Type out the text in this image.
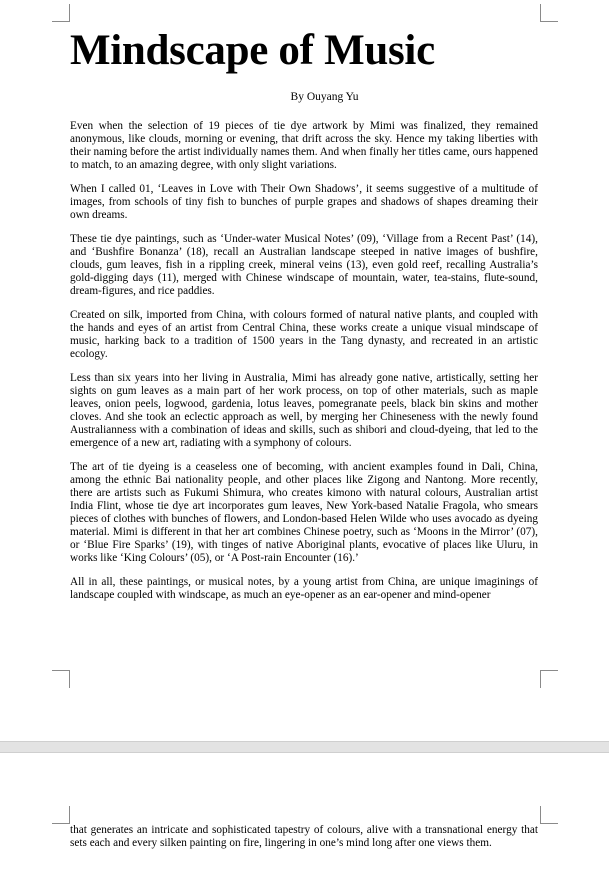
Mindscape of Music

By Ouyang Yu

Even when the selection of 19 pieces of tie dye artwork by Mimi was finalized, they remained anonymous, like clouds, morning or evening, that drift across the sky. Hence my taking liberties with their naming before the artist individually names them. And when finally her titles came, ours happened to match, to an amazing degree, with only slight variations.

When I called 01, ‘Leaves in Love with Their Own Shadows’, it seems suggestive of a multitude of images, from schools of tiny fish to bunches of purple grapes and shadows of shapes dreaming their own dreams.

These tie dye paintings, such as ‘Under-water Musical Notes’ (09), ‘Village from a Recent Past’ (14), and ‘Bushfire Bonanza’ (18), recall an Australian landscape steeped in native images of bushfire, clouds, gum leaves, fish in a rippling creek, mineral veins (13), even gold reef, recalling Australia’s gold-digging days (11), merged with Chinese windscape of mountain, water, tea-stains, flute-sound, dream-figures, and rice paddies.

Created on silk, imported from China, with colours formed of natural native plants, and coupled with the hands and eyes of an artist from Central China, these works create a unique visual mindscape of music, harking back to a tradition of 1500 years in the Tang dynasty, and recreated in an artistic ecology.

Less than six years into her living in Australia, Mimi has already gone native, artistically, setting her sights on gum leaves as a main part of her work process, on top of other materials, such as maple leaves, onion peels, logwood, gardenia, lotus leaves, pomegranate peels, black bin skins and mother cloves. And she took an eclectic approach as well, by merging her Chineseness with the newly found Australianness with a combination of ideas and skills, such as shibori and cloud-dyeing, that led to the emergence of a new art, radiating with a symphony of colours.

The art of tie dyeing is a ceaseless one of becoming, with ancient examples found in Dali, China, among the ethnic Bai nationality people, and other places like Zigong and Nantong. More recently, there are artists such as Fukumi Shimura, who creates kimono with natural colours, Australian artist India Flint, whose tie dye art incorporates gum leaves, New York-based Natalie Fragola, who smears pieces of clothes with bunches of flowers, and London-based Helen Wilde who uses avocado as dyeing material. Mimi is different in that her art combines Chinese poetry, such as ‘Moons in the Mirror’ (07), or ‘Blue Fire Sparks’ (19), with tinges of native Aboriginal plants, evocative of places like Uluru, in works like ‘King Colours’ (05), or ‘A Post-rain Encounter (16).’

All in all, these paintings, or musical notes, by a young artist from China, are unique imaginings of landscape coupled with windscape, as much an eye-opener as an ear-opener and mind-opener

that generates an intricate and sophisticated tapestry of colours, alive with a transnational energy that sets each and every silken painting on fire, lingering in one’s mind long after one views them.
